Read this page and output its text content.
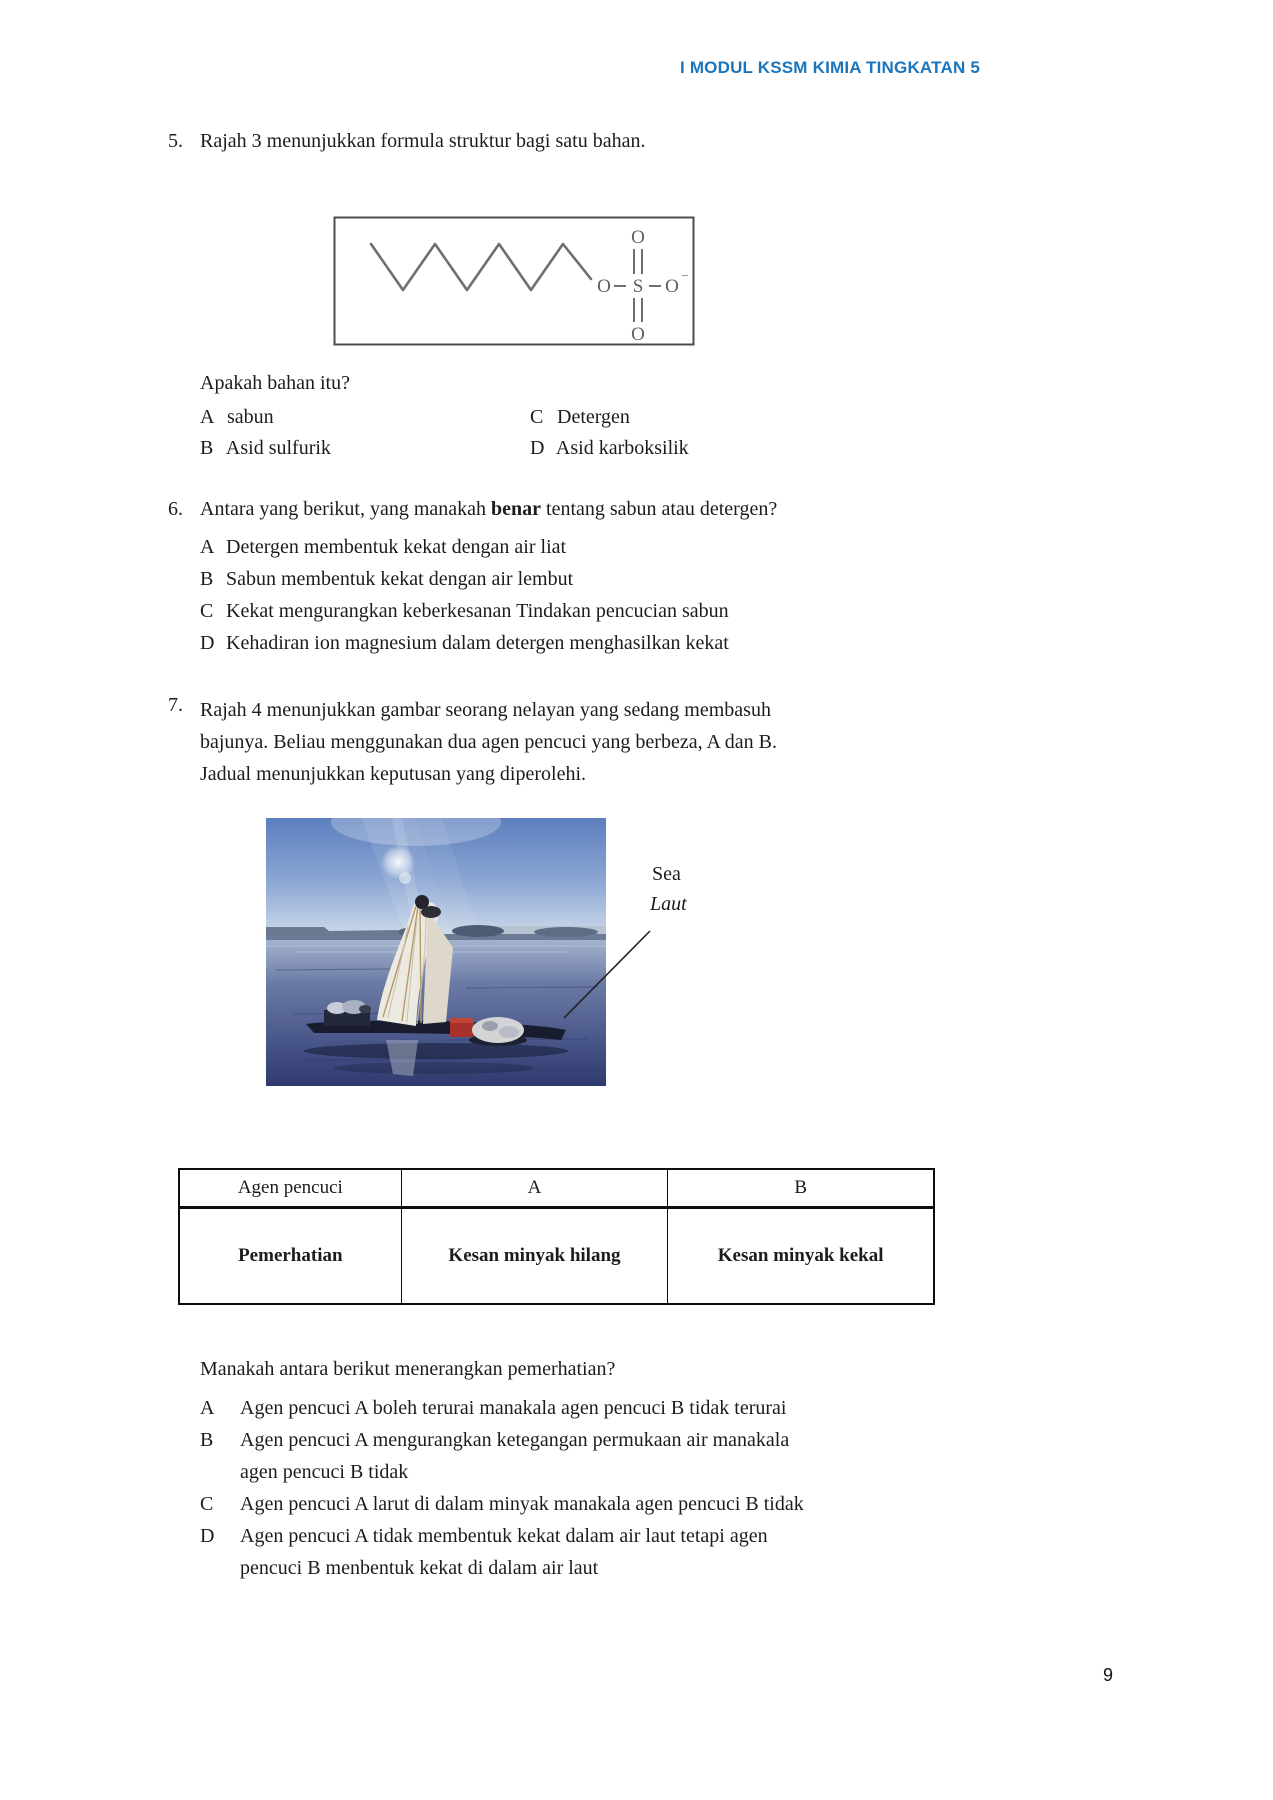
I MODUL KSSM KIMIA TINGKATAN 5
5. Rajah 3 menunjukkan formula struktur bagi satu bahan.
O S O
−
O
O
Apakah bahan itu?
A sabun	C Detergen
B Asid sulfurik	D Asid karboksilik
6. Antara yang berikut, yang manakah benar tentang sabun atau detergen?
A Detergen membentuk kekat dengan air liat
B Sabun membentuk kekat dengan air lembut
C Kekat mengurangkan keberkesanan Tindakan pencucian sabun
D Kehadiran ion magnesium dalam detergen menghasilkan kekat
7. Rajah 4 menunjukkan gambar seorang nelayan yang sedang membasuh
bajunya. Beliau menggunakan dua agen pencuci yang berbeza, A dan B.
Jadual menunjukkan keputusan yang diperolehi.
Sea
Laut
Agen pencuci	A	B
Pemerhatian	Kesan minyak hilang	Kesan minyak kekal
Manakah antara berikut menerangkan pemerhatian?
A	Agen pencuci A boleh terurai manakala agen pencuci B tidak terurai
B	Agen pencuci A mengurangkan ketegangan permukaan air manakala
agen pencuci B tidak
C	Agen pencuci A larut di dalam minyak manakala agen pencuci B tidak
D	Agen pencuci A tidak membentuk kekat dalam air laut tetapi agen
pencuci B menbentuk kekat di dalam air laut
9
